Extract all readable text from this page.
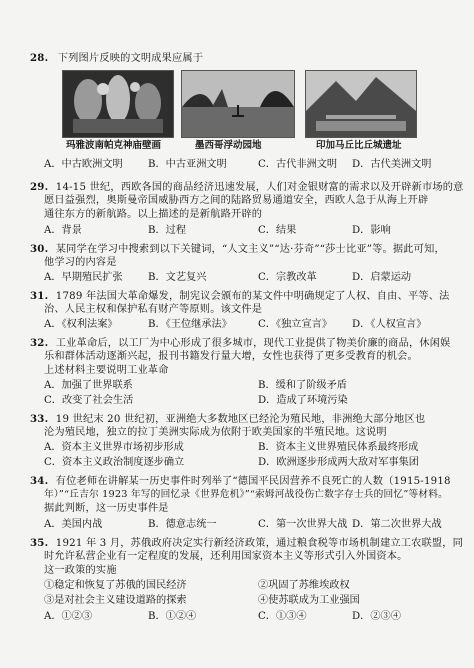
28. 下列图片反映的文明成果应属于
玛雅波南帕克神庙壁画	墨西哥浮动园地	印加马丘比丘城遗址
A．中古欧洲文明 B．中古亚洲文明	C．古代非洲文明 D．古代美洲文明
29. 14-15 世纪，西欧各国的商品经济迅速发展，人们对金银财富的需求以及开辟新市场的意
愿日益强烈，奥斯曼帝国威胁西方之间的陆路贸易通道安全，西欧人急于从海上开辟
通往东方的新航路。以上描述的是新航路开辟的
A．背景	B．过程	C．结果	D．影响
30. 某同学在学习中搜索到以下关键词，“人文主义”“达·芬奇”“莎士比亚”等。据此可知，
他学习的内容是
A．早期殖民扩张 B．文艺复兴	C．宗教改革	D．启蒙运动
31. 1789 年法国大革命爆发，制宪议会颁布的某文件中明确规定了人权、自由、平等、法
治、人民主权和保护私有财产等原则。该文件是
A．《权利法案》	B．《王位继承法》	C．《独立宣言》 D．《人权宣言》
32. 工业革命后，以工厂为中心形成了很多城市，现代工业提供了物美价廉的商品，休闲娱
乐和群体活动逐渐兴起，报刊书籍发行量大增，女性也获得了更多受教育的机会。
上述材料主要说明工业革命
A．加强了世界联系	B．缓和了阶级矛盾
C．改变了社会生活	D．造成了环境污染
33. 19 世纪末 20 世纪初，亚洲绝大多数地区已经沦为殖民地，非洲绝大部分地区也
沦为殖民地，独立的拉丁美洲实际成为依附于欧美国家的半殖民地。这说明
A．资本主义世界市场初步形成	B．资本主义世界殖民体系最终形成
C．资本主义政治制度逐步确立	D．欧洲逐步形成两大敌对军事集团
34. 有位老师在讲解某一历史事件时列举了“德国平民因营养不良死亡的人数（1915-1918
年）”“丘吉尔 1923 年写的回忆录《世界危机》”“索姆河战役伤亡数字存士兵的回忆”等材料。
据此判断，这一历史事件是
A．美国内战	B．德意志统一	C．第一次世界大战 D．第二次世界大战
35. 1921 年 3 月，苏俄政府决定实行新经济政策，通过粮食税等市场机制建立工农联盟，同
时允许私营企业有一定程度的发展，还利用国家资本主义等形式引入外国资本。
这一政策的实施
①稳定和恢复了苏俄的国民经济	②巩固了苏维埃政权
③是对社会主义建设道路的探索	④使苏联成为工业强国
A．①②③	B．①②④	C．①③④	D．②③④
